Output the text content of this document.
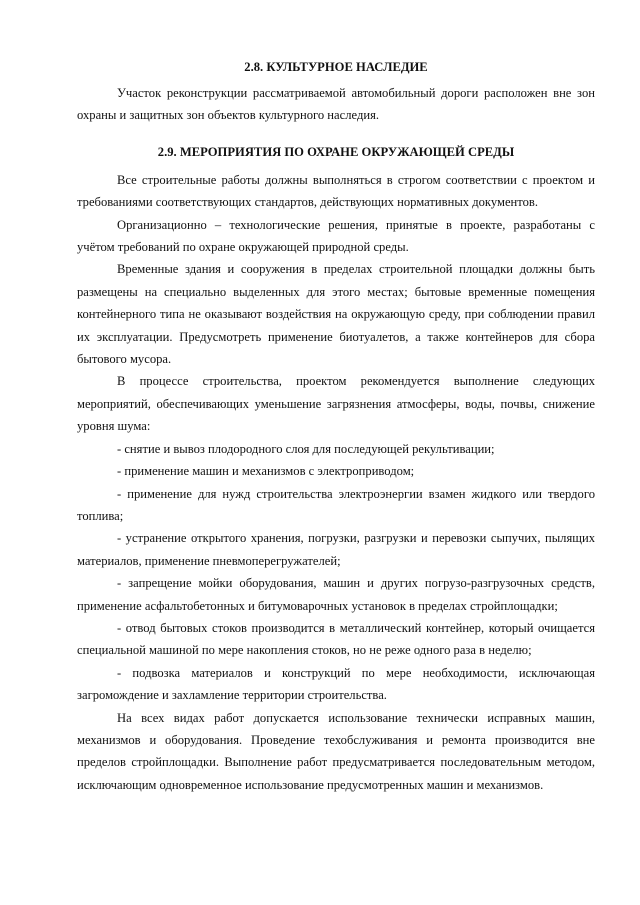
2.8. КУЛЬТУРНОЕ НАСЛЕДИЕ

Участок реконструкции рассматриваемой автомобильный дороги расположен вне зон охраны и защитных зон объектов культурного наследия.

2.9. МЕРОПРИЯТИЯ ПО ОХРАНЕ ОКРУЖАЮЩЕЙ СРЕДЫ

Все строительные работы должны выполняться в строгом соответствии с проектом и требованиями соответствующих стандартов, действующих нормативных документов.

Организационно – технологические решения, принятые в проекте, разработаны с учётом требований по охране окружающей природной среды.

Временные здания и сооружения в пределах строительной площадки должны быть размещены на специально выделенных для этого местах; бытовые временные помещения контейнерного типа не оказывают воздействия на окружающую среду, при соблюдении правил их эксплуатации. Предусмотреть применение биотуалетов, а также контейнеров для сбора бытового мусора.

В процессе строительства, проектом рекомендуется выполнение следующих мероприятий, обеспечивающих уменьшение загрязнения атмосферы, воды, почвы, снижение уровня шума:

- снятие и вывоз плодородного слоя для последующей рекультивации;

- применение машин и механизмов с электроприводом;

- применение для нужд строительства электроэнергии взамен жидкого или твердого топлива;

- устранение открытого хранения, погрузки, разгрузки и перевозки сыпучих, пылящих материалов, применение пневмоперегружателей;

- запрещение мойки оборудования, машин и других погрузо-разгрузочных средств, применение асфальтобетонных и битумоварочных установок в пределах стройплощадки;

- отвод бытовых стоков производится в металлический контейнер, который очищается специальной машиной по мере накопления стоков, но не реже одного раза в неделю;

- подвозка материалов и конструкций по мере необходимости, исключающая загромождение и захламление территории строительства.

На всех видах работ допускается использование технически исправных машин, механизмов и оборудования. Проведение техобслуживания и ремонта производится вне пределов стройплощадки. Выполнение работ предусматривается последовательным методом, исключающим одновременное использование предусмотренных машин и механизмов.
